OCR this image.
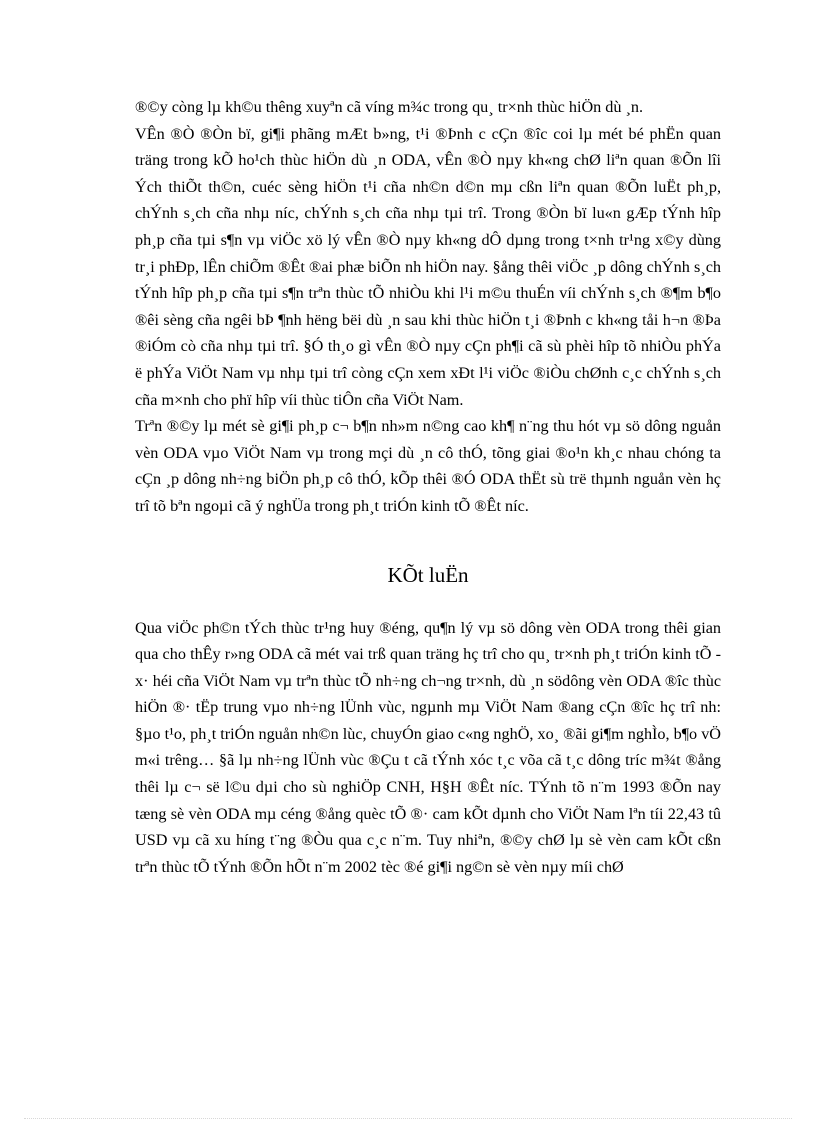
®©y còng lµ kh©u thêng xuyªn cã víng m¾c trong qu¸ tr×nh thùc hiÖn dù ¸n.

VÊn ®Ò ®Òn bï, gi¶i phãng mÆt b»ng, t¹i ®Þnh c cÇn ®îc coi lµ mét bé phËn quan träng trong kÕ ho¹ch thùc hiÖn dù ¸n ODA, vÊn ®Ò nµy kh«ng chØ liªn quan ®Õn lîi Ých thiÕt th©n, cuéc sèng hiÖn t¹i cña nh©n d©n mµ cßn liªn quan ®Õn luËt ph¸p, chÝnh s¸ch cña nhµ níc, chÝnh s¸ch cña nhµ tµi trî. Trong ®Òn bï lu«n gÆp tÝnh hîp ph¸p cña tµi s¶n vµ viÖc xö lý vÊn ®Ò nµy kh«ng dÔ dµng trong t×nh tr¹ng x©y dùng tr¸i phÐp, lÊn chiÕm ®Êt ®ai phæ biÕn nh hiÖn nay. §ång thêi viÖc ¸p dông chÝnh s¸ch tÝnh hîp ph¸p cña tµi s¶n trªn thùc tÕ nhiÒu khi l¹i m©u thuÉn víi chÝnh s¸ch ®¶m b¶o ®êi sèng cña ngêi bÞ ¶nh hëng bëi dù ¸n sau khi thùc hiÖn t¸i ®Þnh c kh«ng tåi h¬n ®Þa ®iÓm cò cña nhµ tµi trî. §Ó th¸o gì vÊn ®Ò nµy cÇn ph¶i cã sù phèi hîp tõ nhiÒu phÝa ë phÝa ViÖt Nam vµ nhµ tµi trî còng cÇn xem xÐt l¹i viÖc ®iÒu chØnh c¸c chÝnh s¸ch cña m×nh cho phï hîp víi thùc tiÔn cña ViÖt Nam.

Trªn ®©y lµ mét sè gi¶i ph¸p c¬ b¶n nh»m n©ng cao kh¶ n¨ng thu hót vµ sö dông nguån vèn ODA vµo ViÖt Nam vµ trong mçi dù ¸n cô thÓ, tõng giai ®o¹n kh¸c nhau chóng ta cÇn ¸p dông nh÷ng biÖn ph¸p cô thÓ, kÕp thêi ®Ó ODA thËt sù trë thµnh nguån vèn hç trî tõ bªn ngoµi cã ý nghÜa trong ph¸t triÓn kinh tÕ ®Êt níc.

KÕt luËn

Qua viÖc ph©n tÝch thùc tr¹ng huy ®éng, qu¶n lý vµ sö dông vèn ODA trong thêi gian qua cho thÊy r»ng ODA cã mét vai trß quan träng hç trî cho qu¸ tr×nh ph¸t triÓn kinh tÕ - x· héi cña ViÖt Nam vµ trªn thùc tÕ nh÷ng ch¬ng tr×nh, dù ¸n södông vèn ODA ®îc thùc hiÖn ®· tËp trung vµo nh÷ng lÜnh vùc, ngµnh mµ ViÖt Nam ®ang cÇn ®îc hç trî nh: §µo t¹o, ph¸t triÓn nguån nh©n lùc, chuyÓn giao c«ng nghÖ, xo¸ ®ãi gi¶m nghÌo, b¶o vÖ m«i trêng… §ã lµ nh÷ng lÜnh vùc ®Çu t cã tÝnh xóc t¸c võa cã t¸c dông tríc m¾t ®ång thêi lµ c¬ së l©u dµi cho sù nghiÖp CNH, H§H ®Êt níc. TÝnh tõ n¨m 1993 ®Õn nay tæng sè vèn ODA mµ céng ®ång quèc tÕ ®· cam kÕt dµnh cho ViÖt Nam lªn tíi 22,43 tû USD vµ cã xu híng t¨ng ®Òu qua c¸c n¨m. Tuy nhiªn, ®©y chØ lµ sè vèn cam kÕt cßn trªn thùc tÕ tÝnh ®Õn hÕt n¨m 2002 tèc ®é gi¶i ng©n sè vèn nµy míi chØ
